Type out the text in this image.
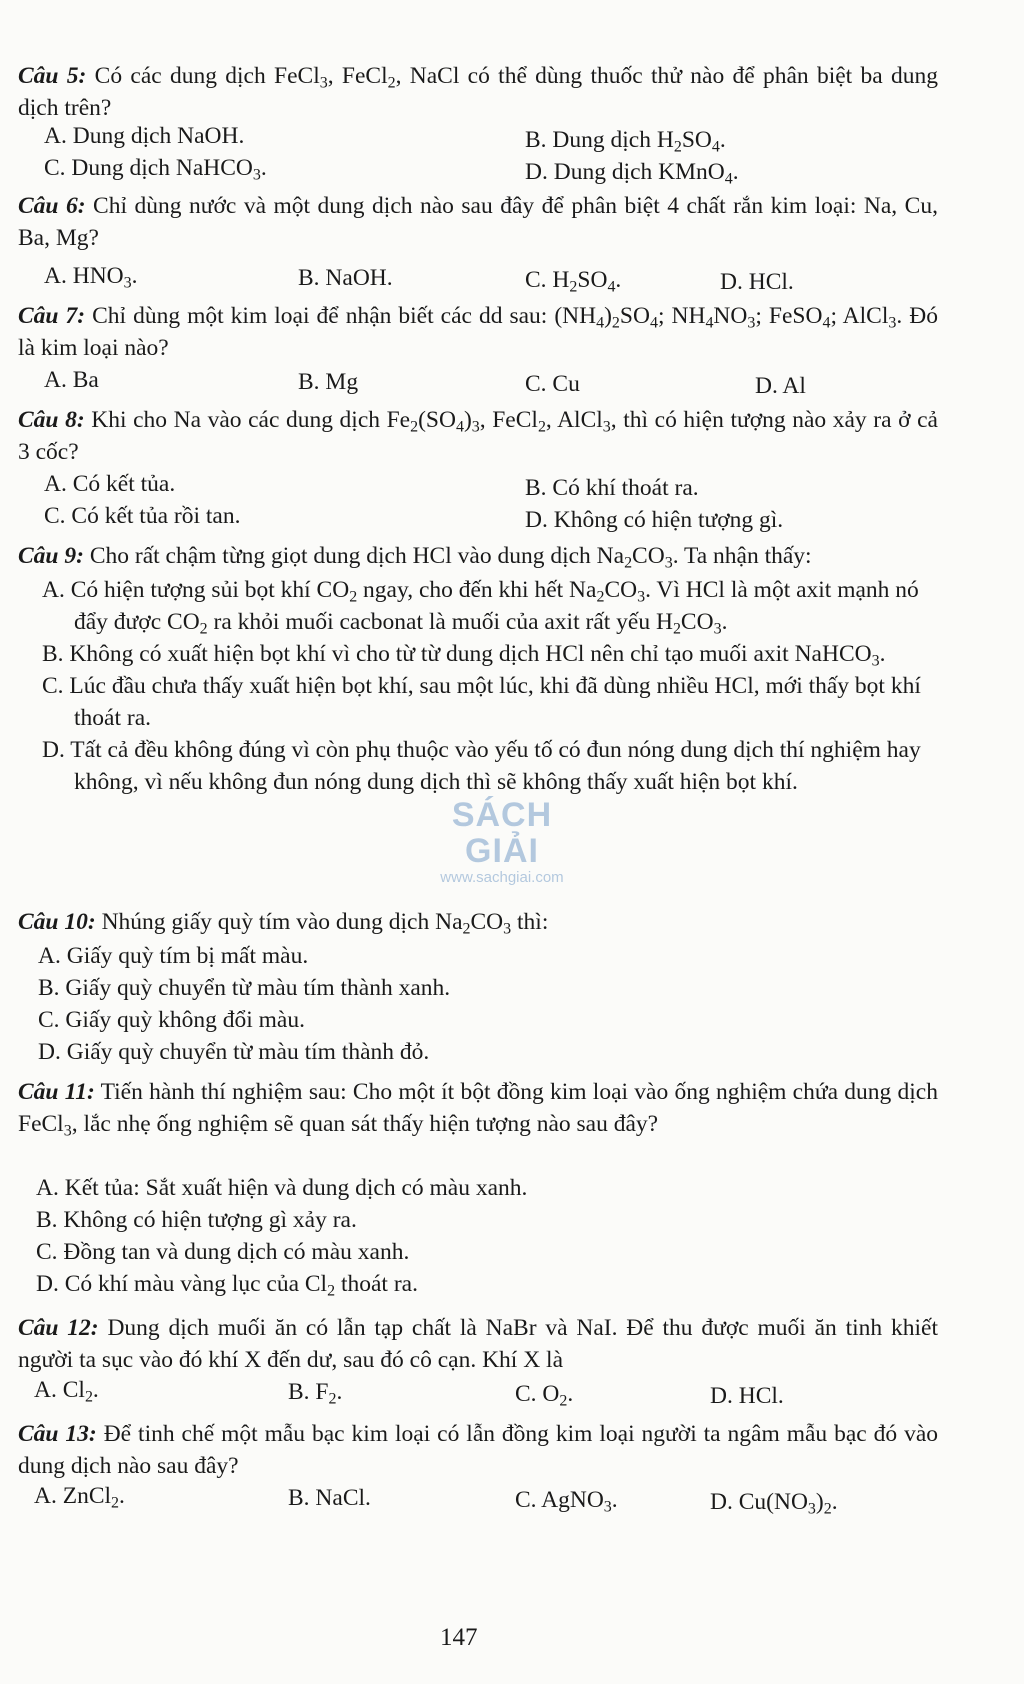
Câu 5: Có các dung dịch FeCl$_3$, FeCl$_2$, NaCl có thể dùng thuốc thử nào để phân biệt ba dung dịch trên?
A. Dung dịch NaOH.	B. Dung dịch $H_2SO_4$.
C. Dung dịch NaHCO$_3$.	D. Dung dịch KMnO$_4$.
Câu 6: Chỉ dùng nước và một dung dịch nào sau đây để phân biệt 4 chất rắn kim loại: Na, Cu, Ba, Mg?
A. $HNO_3$.	B. NaOH.	C. $H_2SO_4$.	D. HCl.
Câu 7: Chỉ dùng một kim loại để nhận biết các dd sau: $(NH_4)_2SO_4$; $NH_4NO_3$; FeSO$_4$; AlCl$_3$. Đó là kim loại nào?
A. Ba	B. Mg	C. Cu	D. Al
Câu 8: Khi cho Na vào các dung dịch $Fe_2(SO_4)_3$, FeCl$_2$, AlCl$_3$, thì có hiện tượng nào xảy ra ở cả 3 cốc?
A. Có kết tủa.	B. Có khí thoát ra.
C. Có kết tủa rồi tan.	D. Không có hiện tượng gì.
Câu 9: Cho rất chậm từng giọt dung dịch HCl vào dung dịch $Na_2CO_3$. Ta nhận thấy:
A. Có hiện tượng sủi bọt khí $CO_2$ ngay, cho đến khi hết $Na_2CO_3$. Vì HCl là một axit mạnh nó đẩy được $CO_2$ ra khỏi muối cacbonat là muối của axit rất yếu $H_2CO_3$.
B. Không có xuất hiện bọt khí vì cho từ từ dung dịch HCl nên chỉ tạo muối axit NaHCO$_3$.
C. Lúc đầu chưa thấy xuất hiện bọt khí, sau một lúc, khi đã dùng nhiều HCl, mới thấy bọt khí thoát ra.
D. Tất cả đều không đúng vì còn phụ thuộc vào yếu tố có đun nóng dung dịch thí nghiệm hay không, vì nếu không đun nóng dung dịch thì sẽ không thấy xuất hiện bọt khí.
SÁCH GIẢI
www.sachgiai.com
Câu 10: Nhúng giấy quỳ tím vào dung dịch $Na_2CO_3$ thì:
A. Giấy quỳ tím bị mất màu.
B. Giấy quỳ chuyển từ màu tím thành xanh.
C. Giấy quỳ không đổi màu.
D. Giấy quỳ chuyển từ màu tím thành đỏ.
Câu 11: Tiến hành thí nghiệm sau: Cho một ít bột đồng kim loại vào ống nghiệm chứa dung dịch FeCl$_3$, lắc nhẹ ống nghiệm sẽ quan sát thấy hiện tượng nào sau đây?
A. Kết tủa: Sắt xuất hiện và dung dịch có màu xanh.
B. Không có hiện tượng gì xảy ra.
C. Đồng tan và dung dịch có màu xanh.
D. Có khí màu vàng lục của $Cl_2$ thoát ra.
Câu 12: Dung dịch muối ăn có lẫn tạp chất là NaBr và NaI. Để thu được muối ăn tinh khiết người ta sục vào đó khí X đến dư, sau đó cô cạn. Khí X là
A. $Cl_2$.	B. $F_2$.	C. $O_2$.	D. HCl.
Câu 13: Để tinh chế một mẫu bạc kim loại có lẫn đồng kim loại người ta ngâm mẫu bạc đó vào dung dịch nào sau đây?
A. ZnCl$_2$.	B. NaCl.	C. AgNO$_3$.	D. $Cu(NO_3)_2$.
147
